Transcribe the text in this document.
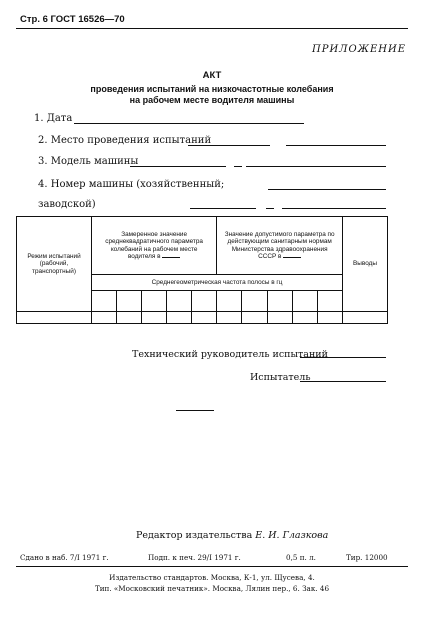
Стр. 6 ГОСТ 16526—70
ПРИЛОЖЕНИЕ
АКТ
проведения испытаний на низкочастотные колебания
на рабочем месте водителя машины
1. Дата
2. Место проведения испытаний
3. Модель машины
4. Номер машины (хозяйственный;
заводской)
Режим испытаний (рабочий, транспортный)	Замеренное значение среднеквадратичного параметра колебаний на рабочем месте водителя в					Значение допустимого параметра по действующим санитарным нормам Министерства здравоохранения СССР в					Выводы
	Среднегеометрическая частота полосы в гц										

Технический руководитель испытаний
Испытатель
Редактор издательства Е. И. Глазкова
Сдано в наб. 7/I 1971 г.	Подп. к печ. 29/I 1971 г.	0,5 п. л.	Тир. 12000
Издательство стандартов. Москва, К-1, ул. Щусева, 4.
Тип. «Московский печатник». Москва, Лялин пер., 6. Зак. 46
